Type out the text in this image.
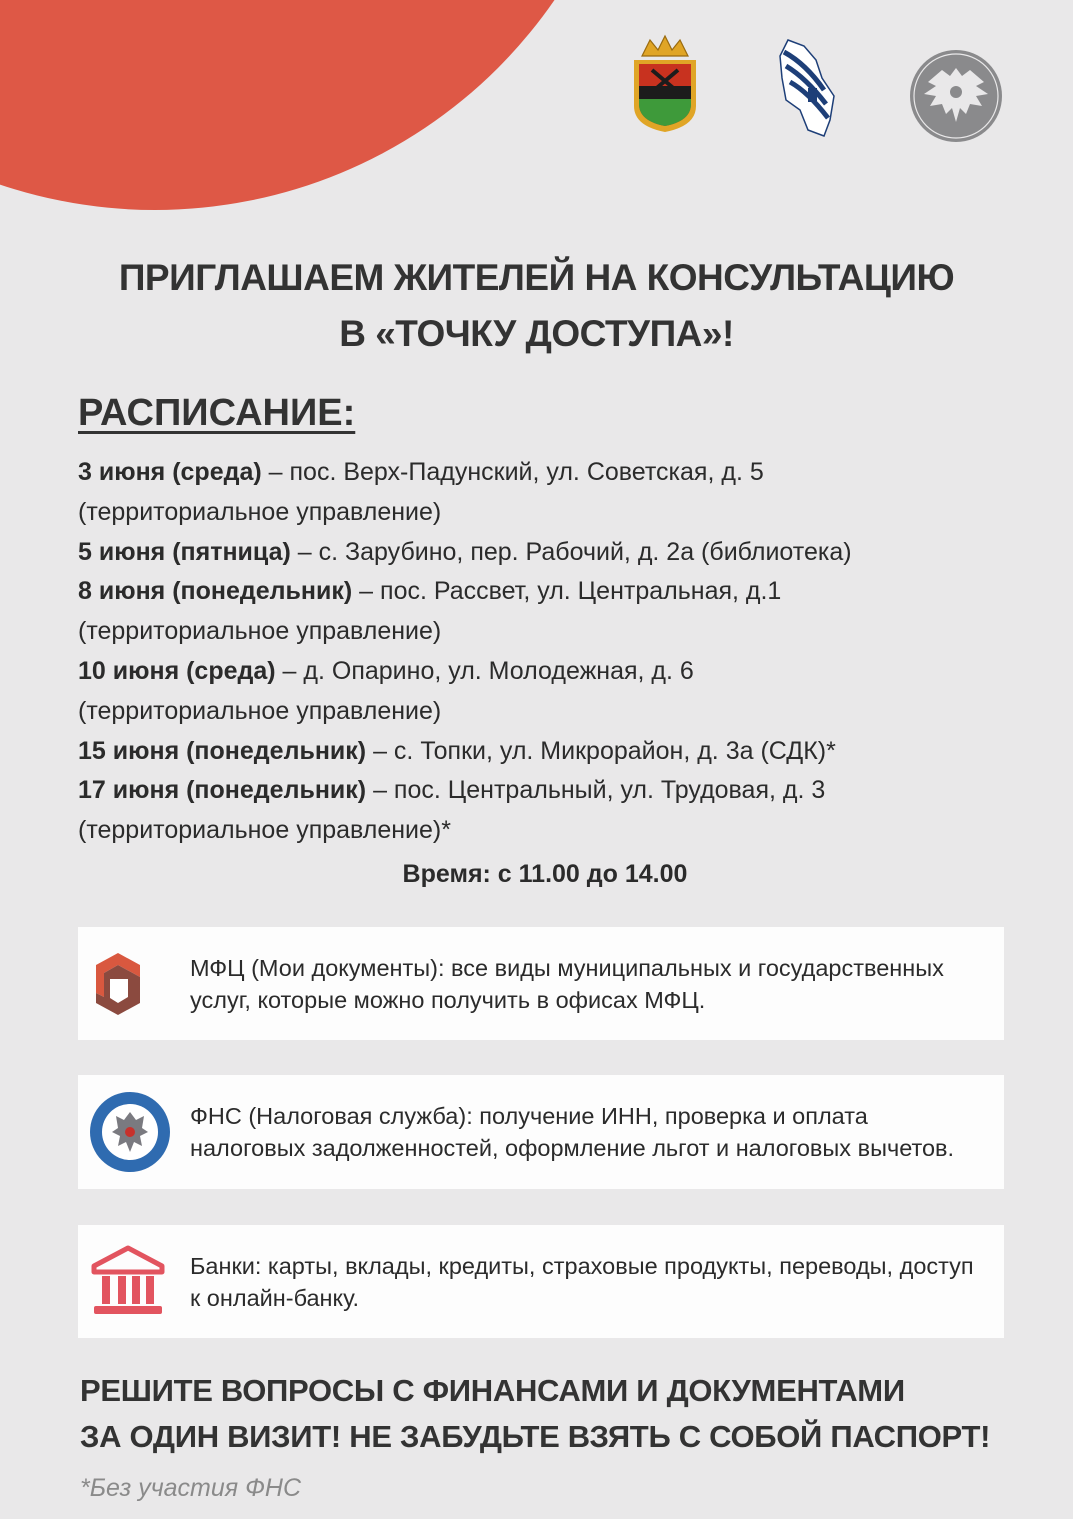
ПРИГЛАШАЕМ ЖИТЕЛЕЙ НА КОНСУЛЬТАЦИЮ
В «ТОЧКУ ДОСТУПА»!
РАСПИСАНИЕ:
3 июня (среда) – пос. Верх-Падунский, ул. Советская, д. 5
(территориальное управление)
5 июня (пятница) – с. Зарубино, пер. Рабочий, д. 2а (библиотека)
8 июня (понедельник) – пос. Рассвет, ул. Центральная, д.1
(территориальное управление)
10 июня (среда) – д. Опарино, ул. Молодежная, д. 6
(территориальное управление)
15 июня (понедельник) – с. Топки, ул. Микрорайон, д. 3а (СДК)*
17 июня (понедельник) – пос. Центральный, ул. Трудовая, д. 3
(территориальное управление)*
Время: с 11.00 до 14.00
МФЦ (Мои документы): все виды муниципальных и государственных услуг, которые можно получить в офисах МФЦ.
ФНС (Налоговая служба): получение ИНН, проверка и оплата налоговых задолженностей, оформление льгот и налоговых вычетов.
Банки: карты, вклады, кредиты, страховые продукты, переводы, доступ к онлайн-банку.
РЕШИТЕ ВОПРОСЫ С ФИНАНСАМИ И ДОКУМЕНТАМИ
ЗА ОДИН ВИЗИТ! НЕ ЗАБУДЬТЕ ВЗЯТЬ С СОБОЙ ПАСПОРТ!
*Без участия ФНС
